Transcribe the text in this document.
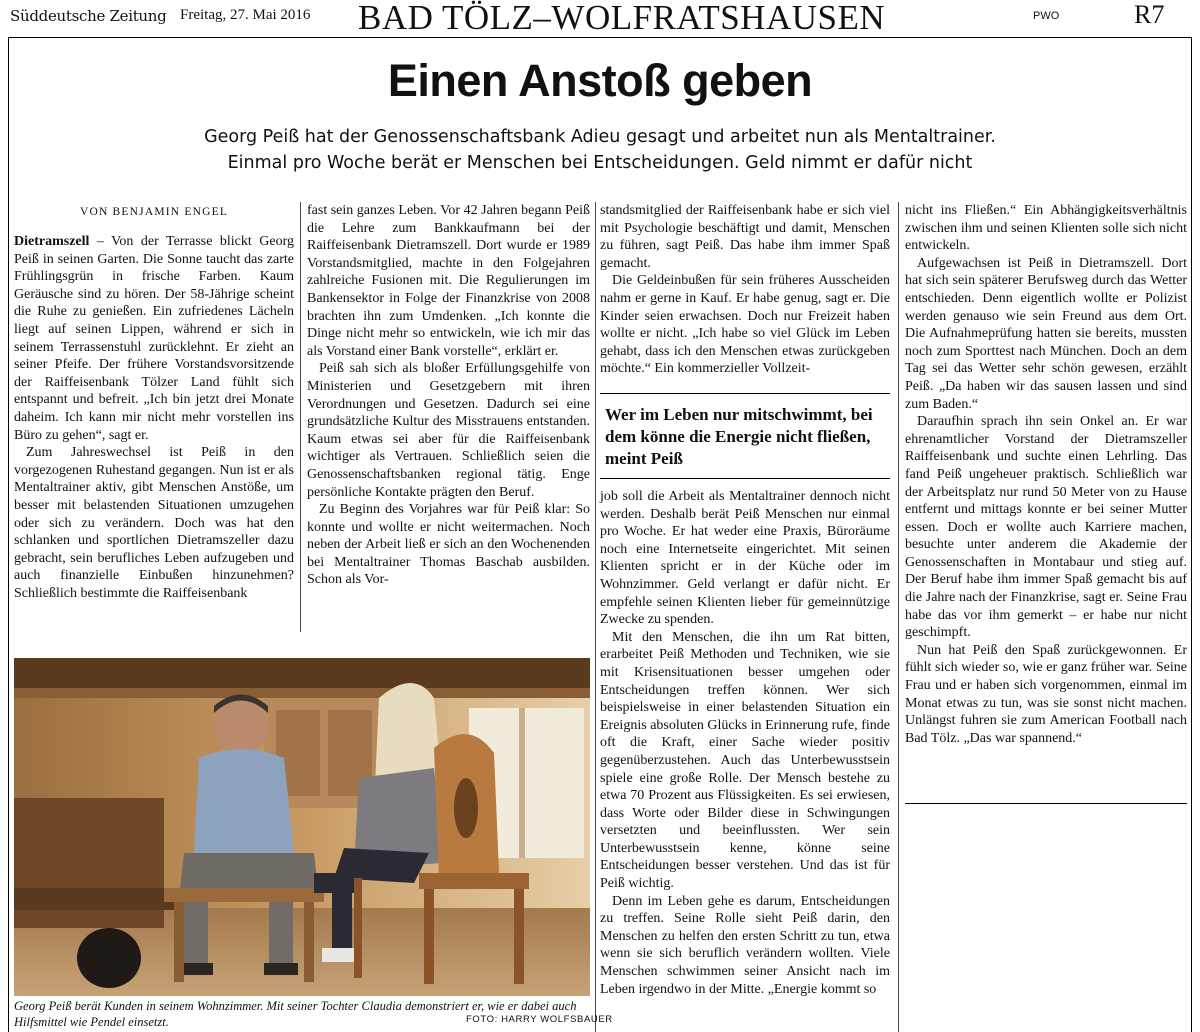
Süddeutsche Zeitung Freitag, 27. Mai 2016 BAD TÖLZ–WOLFRATSHAUSEN	PWO	R7
Einen Anstoß geben
Georg Peiß hat der Genossenschaftsbank Adieu gesagt und arbeitet nun als Mentaltrainer.
Einmal pro Woche berät er Menschen bei Entscheidungen. Geld nimmt er dafür nicht
VON BENJAMIN ENGEL

Dietramszell – Von der Terrasse blickt Georg Peiß in seinen Garten. Die Sonne taucht das zarte Frühlingsgrün in frische Farben. Kaum Geräusche sind zu hören. Der 58-Jährige scheint die Ruhe zu genießen. Ein zufriedenes Lächeln liegt auf seinen Lippen, während er sich in seinem Terrassenstuhl zurücklehnt. Er zieht an seiner Pfeife. Der frühere Vorstandsvorsitzende der Raiffeisenbank Tölzer Land fühlt sich entspannt und befreit. „Ich bin jetzt drei Monate daheim. Ich kann mir nicht mehr vorstellen ins Büro zu gehen“, sagt er.

Zum Jahreswechsel ist Peiß in den vorgezogenen Ruhestand gegangen. Nun ist er als Mentaltrainer aktiv, gibt Menschen Anstöße, um besser mit belastenden Situationen umzugehen oder sich zu verändern. Doch was hat den schlanken und sportlichen Dietramszeller dazu gebracht, sein berufliches Leben aufzugeben und auch finanzielle Einbußen hinzunehmen? Schließlich bestimmte die Raiffeisenbank

fast sein ganzes Leben. Vor 42 Jahren begann Peiß die Lehre zum Bankkaufmann bei der Raiffeisenbank Dietramszell. Dort wurde er 1989 Vorstandsmitglied, machte in den Folgejahren zahlreiche Fusionen mit. Die Regulierungen im Bankensektor in Folge der Finanzkrise von 2008 brachten ihn zum Umdenken. „Ich konnte die Dinge nicht mehr so entwickeln, wie ich mir das als Vorstand einer Bank vorstelle“, erklärt er.

Peiß sah sich als bloßer Erfüllungsgehilfe von Ministerien und Gesetzgebern mit ihren Verordnungen und Gesetzen. Dadurch sei eine grundsätzliche Kultur des Misstrauens entstanden. Kaum etwas sei aber für die Raiffeisenbank wichtiger als Vertrauen. Schließlich seien die Genossenschaftsbanken regional tätig. Enge persönliche Kontakte prägten den Beruf.

Zu Beginn des Vorjahres war für Peiß klar: So konnte und wollte er nicht weitermachen. Noch neben der Arbeit ließ er sich an den Wochenenden bei Mentaltrainer Thomas Baschab ausbilden. Schon als Vor-

standsmitglied der Raiffeisenbank habe er sich viel mit Psychologie beschäftigt und damit, Menschen zu führen, sagt Peiß. Das habe ihm immer Spaß gemacht.

Die Geldeinbußen für sein früheres Ausscheiden nahm er gerne in Kauf. Er habe genug, sagt er. Die Kinder seien erwachsen. Doch nur Freizeit haben wollte er nicht. „Ich habe so viel Glück im Leben gehabt, dass ich den Menschen etwas zurückgeben möchte.“ Ein kommerzieller Vollzeit-

Wer im Leben nur mitschwimmt, bei dem könne die Energie nicht fließen, meint Peiß

job soll die Arbeit als Mentaltrainer dennoch nicht werden. Deshalb berät Peiß Menschen nur einmal pro Woche. Er hat weder eine Praxis, Büroräume noch eine Internetseite eingerichtet. Mit seinen Klienten spricht er in der Küche oder im Wohnzimmer. Geld verlangt er dafür nicht. Er empfehle seinen Klienten lieber für gemeinnützige Zwecke zu spenden.

Mit den Menschen, die ihn um Rat bitten, erarbeitet Peiß Methoden und Techniken, wie sie mit Krisensituationen besser umgehen oder Entscheidungen treffen können. Wer sich beispielsweise in einer belastenden Situation ein Ereignis absoluten Glücks in Erinnerung rufe, finde oft die Kraft, einer Sache wieder positiv gegenüberzustehen. Auch das Unterbewusstsein spiele eine große Rolle. Der Mensch bestehe zu etwa 70 Prozent aus Flüssigkeiten. Es sei erwiesen, dass Worte oder Bilder diese in Schwingungen versetzten und beeinflussten. Wer sein Unterbewusstsein kenne, könne seine Entscheidungen besser verstehen. Und das ist für Peiß wichtig.

Denn im Leben gehe es darum, Entscheidungen zu treffen. Seine Rolle sieht Peiß darin, den Menschen zu helfen den ersten Schritt zu tun, etwa wenn sie sich beruflich verändern wollten. Viele Menschen schwimmen seiner Ansicht nach im Leben irgendwo in der Mitte. „Energie kommt so

nicht ins Fließen.“ Ein Abhängigkeitsverhältnis zwischen ihm und seinen Klienten solle sich nicht entwickeln.

Aufgewachsen ist Peiß in Dietramszell. Dort hat sich sein späterer Berufsweg durch das Wetter entschieden. Denn eigentlich wollte er Polizist werden genauso wie sein Freund aus dem Ort. Die Aufnahmeprüfung hatten sie bereits, mussten noch zum Sporttest nach München. Doch an dem Tag sei das Wetter sehr schön gewesen, erzählt Peiß. „Da haben wir das sausen lassen und sind zum Baden.“

Daraufhin sprach ihn sein Onkel an. Er war ehrenamtlicher Vorstand der Dietramszeller Raiffeisenbank und suchte einen Lehrling. Das fand Peiß ungeheuer praktisch. Schließlich war der Arbeitsplatz nur rund 50 Meter von zu Hause entfernt und mittags konnte er bei seiner Mutter essen. Doch er wollte auch Karriere machen, besuchte unter anderem die Akademie der Genossenschaften in Montabaur und stieg auf. Der Beruf habe ihm immer Spaß gemacht bis auf die Jahre nach der Finanzkrise, sagt er. Seine Frau habe das vor ihm gemerkt – er habe nur nicht geschimpft.

Nun hat Peiß den Spaß zurückgewonnen. Er fühlt sich wieder so, wie er ganz früher war. Seine Frau und er haben sich vorgenommen, einmal im Monat etwas zu tun, was sie sonst nicht machen. Unlängst fuhren sie zum American Football nach Bad Tölz. „Das war spannend.“

Georg Peiß berät Kunden in seinem Wohnzimmer. Mit seiner Tochter Claudia demonstriert er, wie er dabei auch Hilfsmittel wie Pendel einsetzt.	FOTO: HARRY WOLFSBAUER
